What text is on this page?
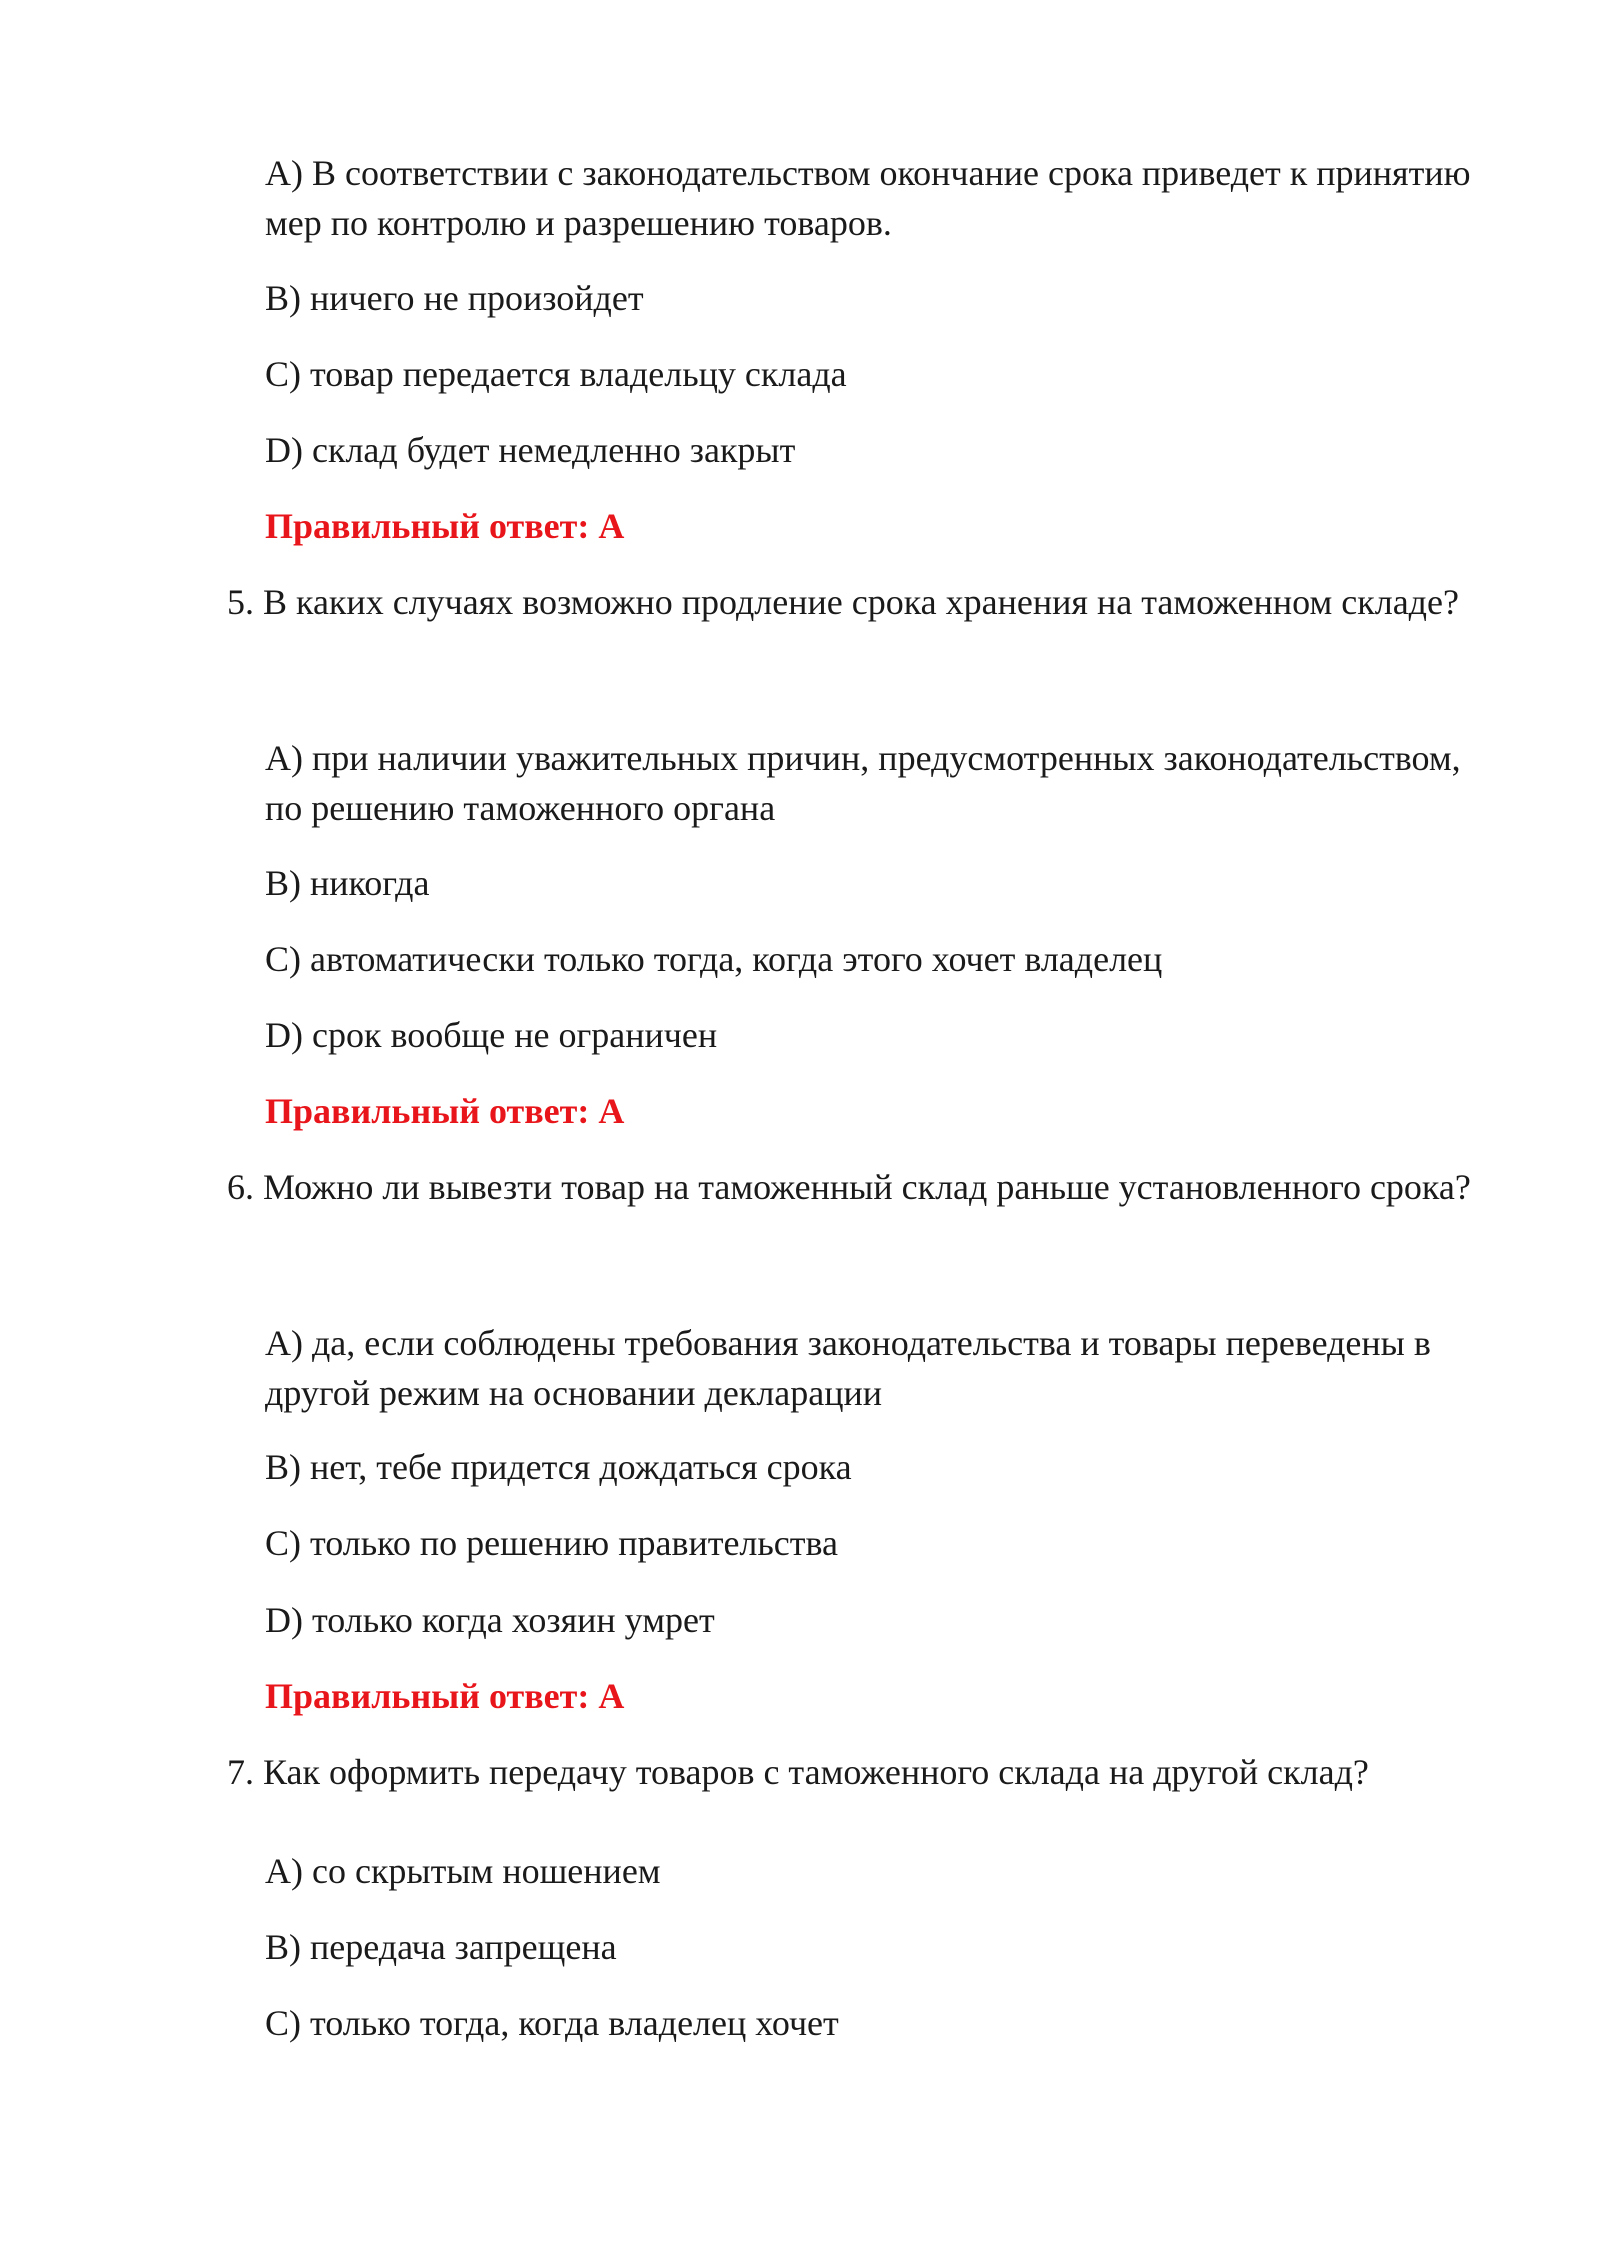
А) В соответствии с законодательством окончание срока приведет к принятию мер по контролю и разрешению товаров.
B) ничего не произойдет
C) товар передается владельцу склада
D) склад будет немедленно закрыт
Правильный ответ: A
5. В каких случаях возможно продление срока хранения на таможенном складе?
А) при наличии уважительных причин, предусмотренных законодательством, по решению таможенного органа
B) никогда
C) автоматически только тогда, когда этого хочет владелец
D) срок вообще не ограничен
Правильный ответ: A
6. Можно ли вывезти товар на таможенный склад раньше установленного срока?
А) да, если соблюдены требования законодательства и товары переведены в другой режим на основании декларации
B) нет, тебе придется дождаться срока
C) только по решению правительства
D) только когда хозяин умрет
Правильный ответ: A
7. Как оформить передачу товаров с таможенного склада на другой склад?
А) со скрытым ношением
B) передача запрещена
C) только тогда, когда владелец хочет
